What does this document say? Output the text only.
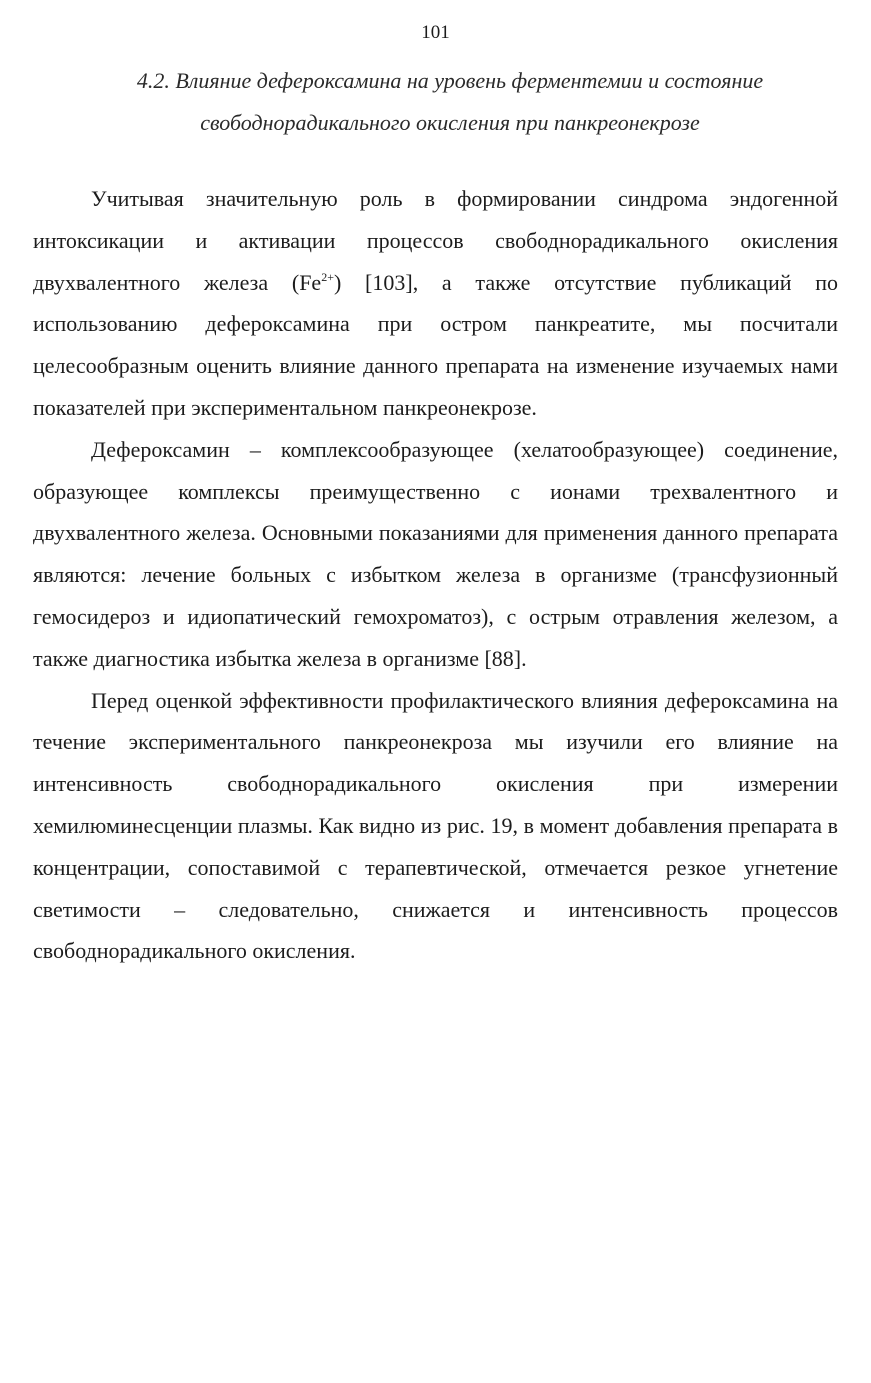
101
4.2. Влияние дефероксамина на уровень ферментемии и состояние
свободнорадикального окисления при панкреонекрозе

Учитывая значительную роль в формировании синдрома эндогенной интоксикации и активации процессов свободнорадикального окисления двухвалентного железа $(Fe^{2+})$ [103], а также отсутствие публикаций по использованию дефероксамина при остром панкреатите, мы посчитали целесообразным оценить влияние данного препарата на изменение изучаемых нами показателей при экспериментальном панкреонекрозе.

Дефероксамин – комплексообразующее (хелатообразующее) соединение, образующее комплексы преимущественно с ионами трехвалентного и двухвалентного железа. Основными показаниями для применения данного препарата являются: лечение больных с избытком железа в организме (трансфузионный гемосидероз и идиопатический гемохроматоз), с острым отравления железом, а также диагностика избытка железа в организме [88].

Перед оценкой эффективности профилактического влияния дефероксамина на течение экспериментального панкреонекроза мы изучили его влияние на интенсивность свободнорадикального окисления при измерении хемилюминесценции плазмы. Как видно из рис. 19, в момент добавления препарата в концентрации, сопоставимой с терапевтической, отмечается резкое угнетение светимости – следовательно, снижается и интенсивность процессов свободнорадикального окисления.
